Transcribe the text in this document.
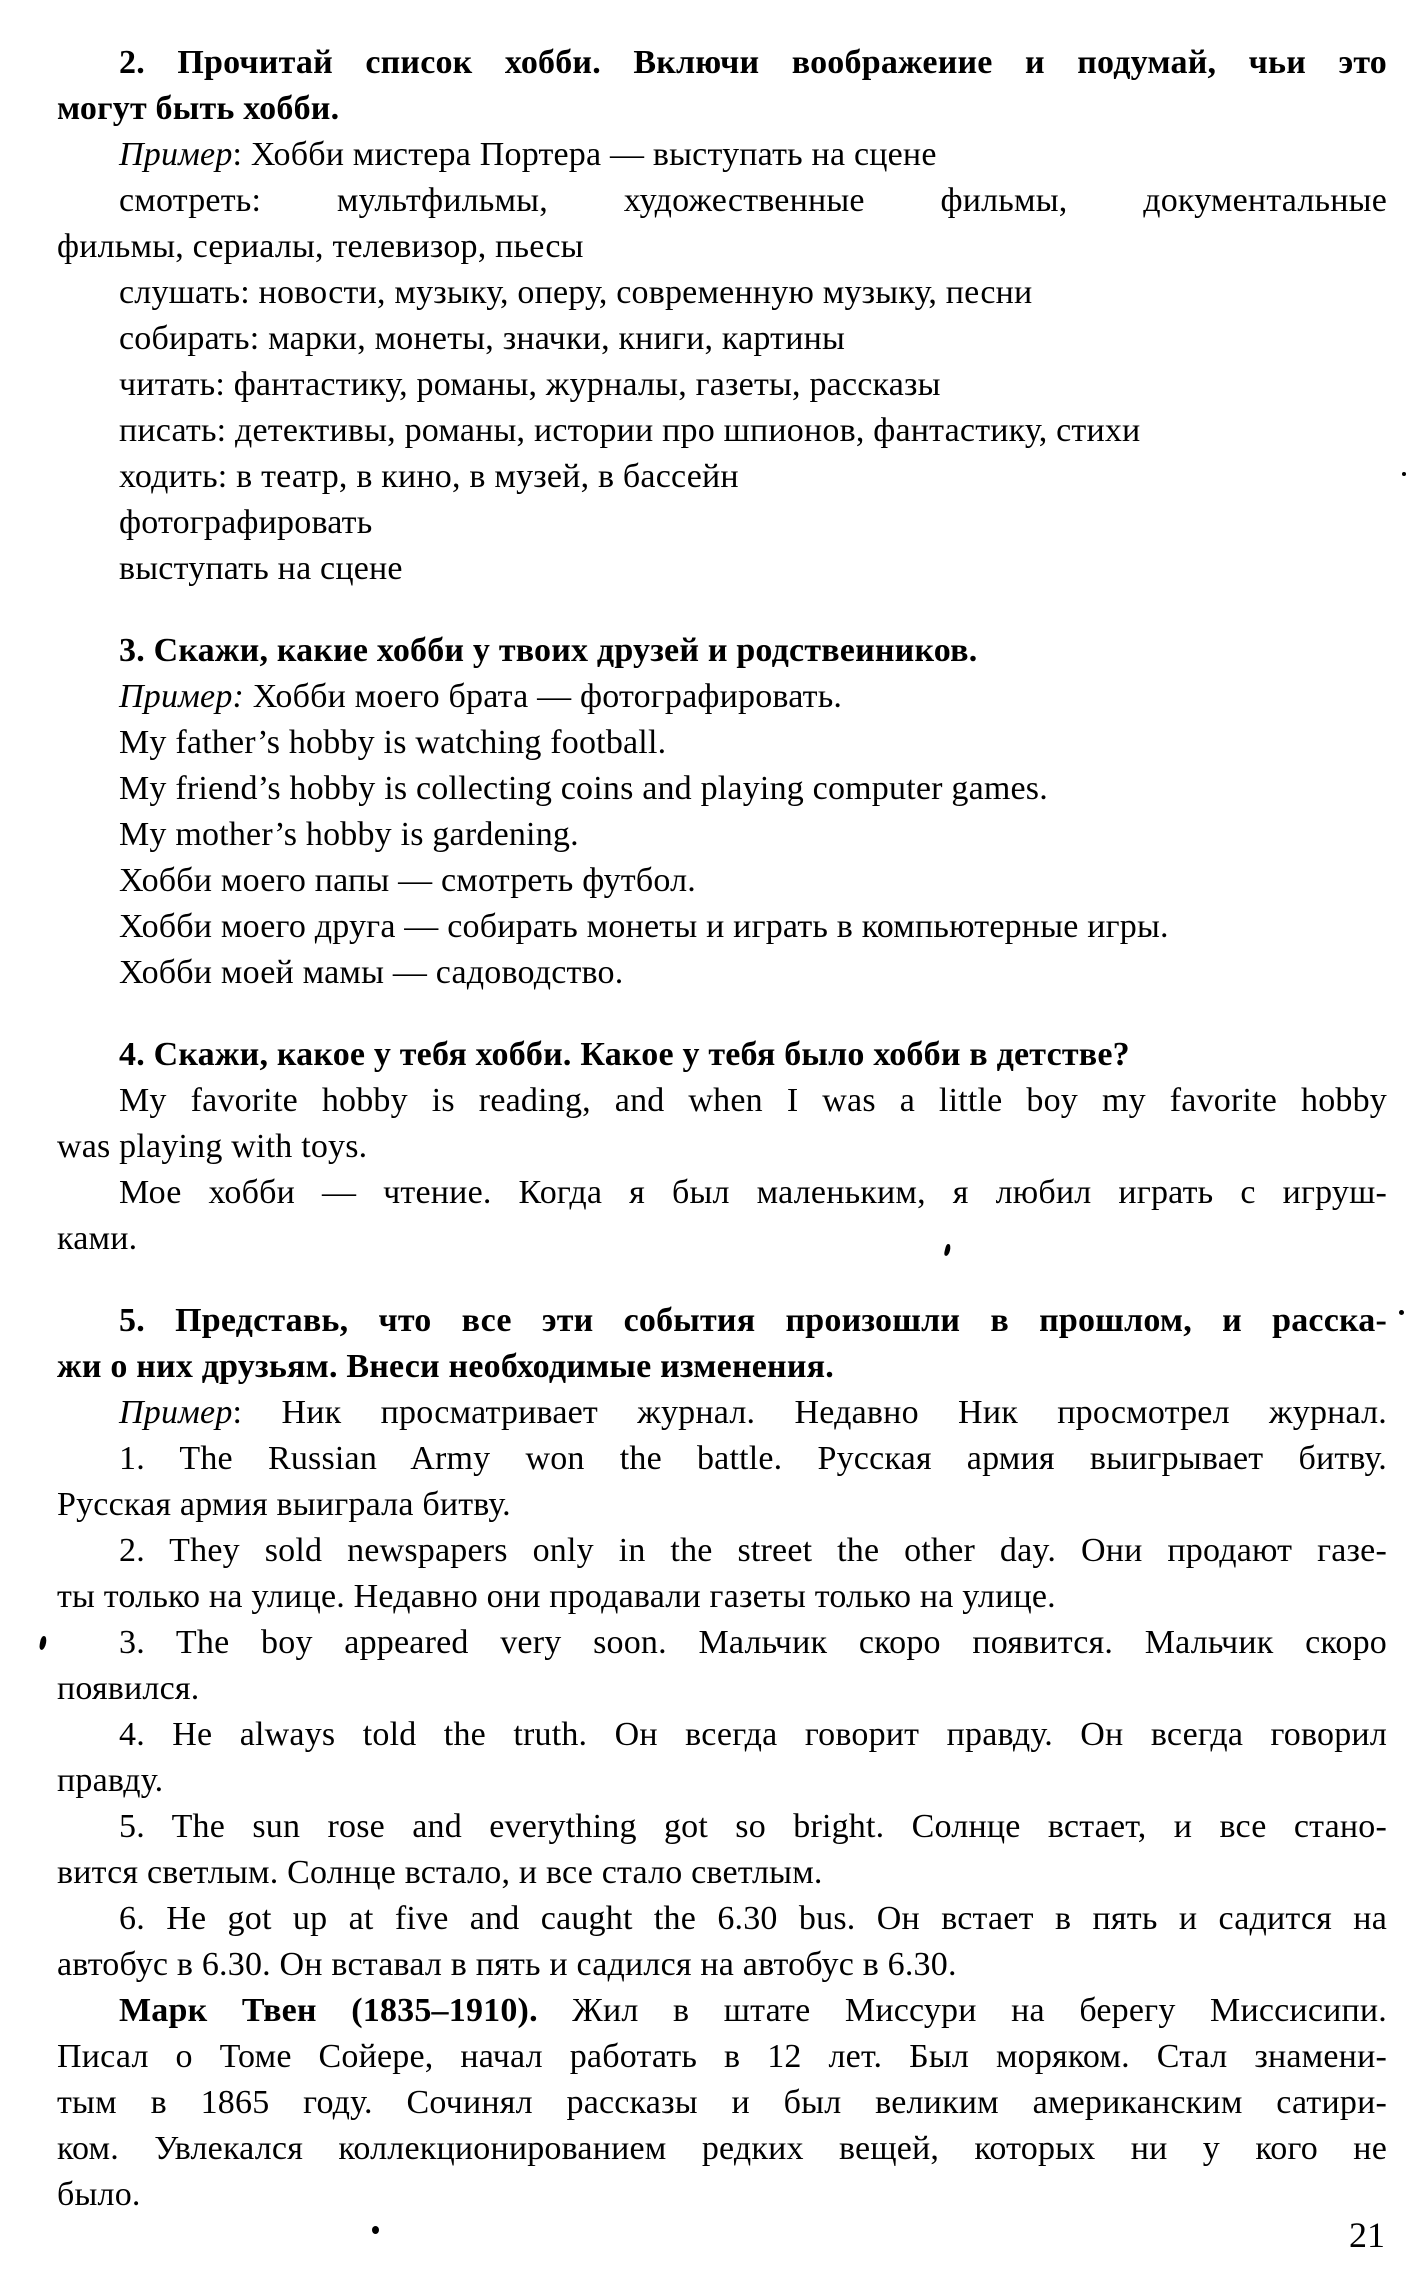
2. Прочитай список хобби. Включи воображеиие и подумай, чьи это
могут быть хобби.
Пример: Хобби мистера Портера — выступать на сцене
смотреть: мультфильмы, художественные фильмы, документальные
фильмы, сериалы, телевизор, пьесы
слушать: новости, музыку, оперу, современную музыку, песни
собирать: марки, монеты, значки, книги, картины
читать: фантастику, романы, журналы, газеты, рассказы
писать: детективы, романы, истории про шпионов, фантастику, стихи
ходить: в театр, в кино, в музей, в бассейн
фотографировать
выступать на сцене
3. Скажи, какие хобби у твоих друзей и родствеиников.
Пример: Хобби моего брата — фотографировать.
My father’s hobby is watching football.
My friend’s hobby is collecting coins and playing computer games.
My mother’s hobby is gardening.
Хобби моего папы — смотреть футбол.
Хобби моего друга — собирать монеты и играть в компьютерные игры.
Хобби моей мамы — садоводство.
4. Скажи, какое у тебя хобби. Какое у тебя было хобби в детстве?
My favorite hobby is reading, and when I was a little boy my favorite hobby
was playing with toys.
Мое хобби — чтение. Когда я был маленьким, я любил играть с игруш-
ками.
5. Представь, что все эти события произошли в прошлом, и расска-
жи о них друзьям. Внеси необходимые изменения.
Пример: Ник просматривает журнал. Недавно Ник просмотрел журнал.
1. The Russian Army won the battle. Русская армия выигрывает битву.
Русская армия выиграла битву.
2. They sold newspapers only in the street the other day. Они продают газе-
ты только на улице. Недавно они продавали газеты только на улице.
3. The boy appeared very soon. Мальчик скоро появится. Мальчик скоро
появился.
4. He always told the truth. Он всегда говорит правду. Он всегда говорил
правду.
5. The sun rose and everything got so bright. Солнце встает, и все стано-
вится светлым. Солнце встало, и все стало светлым.
6. He got up at five and caught the 6.30 bus. Он встает в пять и садится на
автобус в 6.30. Он вставал в пять и садился на автобус в 6.30.
Марк Твен (1835–1910). Жил в штате Миссури на берегу Миссисипи.
Писал о Томе Сойере, начал работать в 12 лет. Был моряком. Стал знамени-
тым в 1865 году. Сочинял рассказы и был великим американским сатири-
ком. Увлекался коллекционированием редких вещей, которых ни у кого не
было.
21
